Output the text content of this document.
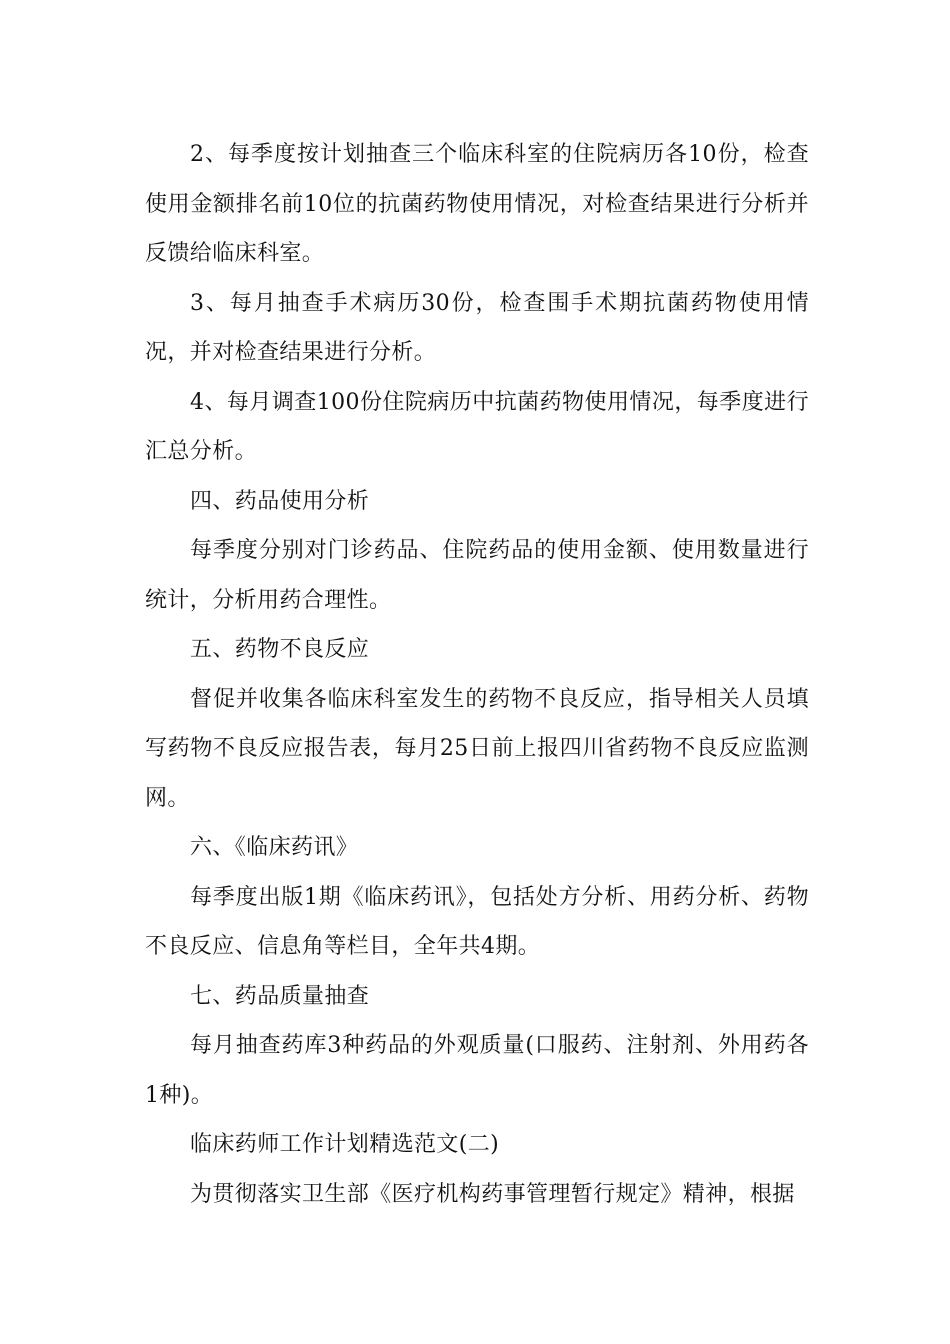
2、每季度按计划抽查三个临床科室的住院病历各10份，检查使用金额排名前10位的抗菌药物使用情况，对检查结果进行分析并反馈给临床科室。

3、每月抽查手术病历30份，检查围手术期抗菌药物使用情况，并对检查结果进行分析。

4、每月调查100份住院病历中抗菌药物使用情况，每季度进行汇总分析。

四、药品使用分析

每季度分别对门诊药品、住院药品的使用金额、使用数量进行统计，分析用药合理性。

五、药物不良反应

督促并收集各临床科室发生的药物不良反应，指导相关人员填写药物不良反应报告表，每月25日前上报四川省药物不良反应监测网。

六、《临床药讯》

每季度出版1期《临床药讯》，包括处方分析、用药分析、药物不良反应、信息角等栏目，全年共4期。

七、药品质量抽查

每月抽查药库3种药品的外观质量(口服药、注射剂、外用药各1种)。

临床药师工作计划精选范文(二)

为贯彻落实卫生部《医疗机构药事管理暂行规定》精神，根据
